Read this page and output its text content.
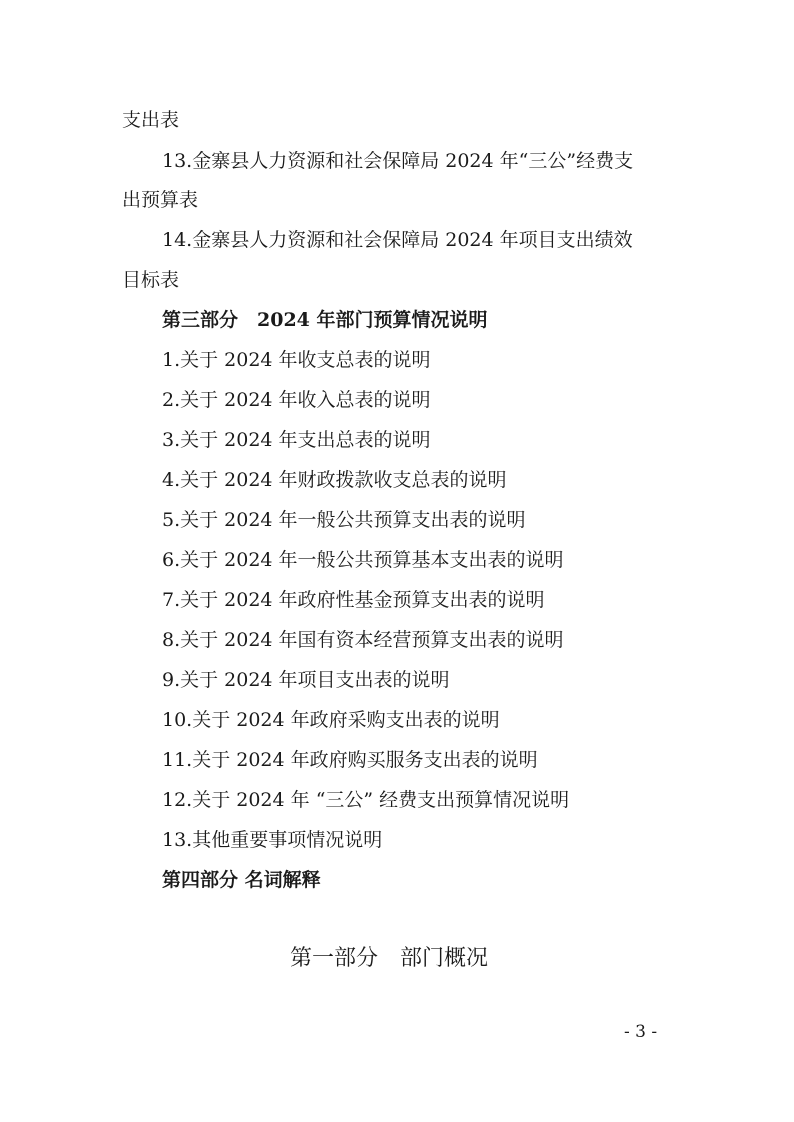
支出表
13.金寨县人力资源和社会保障局 2024 年“三公”经费支
出预算表
14.金寨县人力资源和社会保障局 2024 年项目支出绩效
目标表
第三部分　2024 年部门预算情况说明
1.关于 2024 年收支总表的说明
2.关于 2024 年收入总表的说明
3.关于 2024 年支出总表的说明
4.关于 2024 年财政拨款收支总表的说明
5.关于 2024 年一般公共预算支出表的说明
6.关于 2024 年一般公共预算基本支出表的说明
7.关于 2024 年政府性基金预算支出表的说明
8.关于 2024 年国有资本经营预算支出表的说明
9.关于 2024 年项目支出表的说明
10.关于 2024 年政府采购支出表的说明
11.关于 2024 年政府购买服务支出表的说明
12.关于 2024 年 “三公” 经费支出预算情况说明
13.其他重要事项情况说明
第四部分 名词解释
第一部分　部门概况
- 3 -
